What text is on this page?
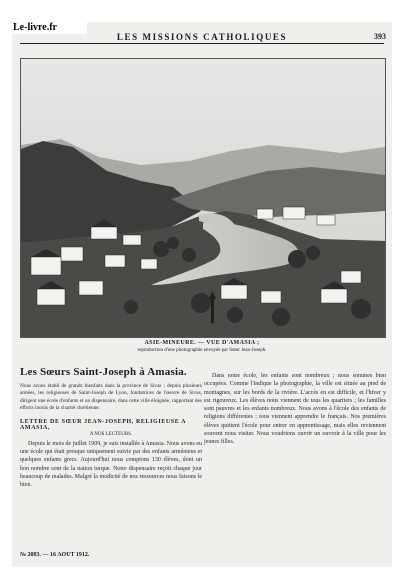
Le-livre.fr
LES MISSIONS CATHOLIQUES	393
ASIE-MINEURE. — VUE D'AMASIA ;
reproduction d'une photographie envoyée par Sœur Jean-Joseph.
Les Sœurs Saint-Joseph à Amasia.

Nous avons établi de grands bienfaits dans la province de Sivas ; depuis plusieurs années, les religieuses de Saint-Joseph de Lyon, fondatrices de l'œuvre de Sivas, dirigent une école d'enfants et un dispensaire, dans cette ville éloignée, rapportant des efforts inouïs de la charité chrétienne.

LETTRE DE SŒUR JEAN-JOSEPH, RELIGIEUSE A AMASIA,
A NOS LECTEURS.

Depuis le mois de juillet 1909, je suis installée à Amasia. Nous avons eu une école qui était presque uniquement suivie par des enfants arméniens et quelques enfants grecs. Aujourd'hui nous comptons 130 élèves, dont un bon nombre sont de la nation turque. Notre dispensaire reçoit chaque jour beaucoup de malades. Malgré la modicité de nos ressources nous faisons le bien.

Dans notre école, les enfants sont nombreux ; nous sommes bien occupées. Comme l'indique la photographie, la ville est située au pied de montagnes, sur les bords de la rivière. L'accès en est difficile, et l'hiver y est rigoureux. Les élèves nous viennent de tous les quartiers ; les familles sont pauvres et les enfants nombreux. Nous avons à l'école des enfants de religions différentes ; tous viennent apprendre le français. Nos premières élèves quittent l'école pour entrer en apprentissage, mais elles reviennent souvent nous visiter. Nous voudrions ouvrir un ouvroir à la ville pour les jeunes filles.

№ 2083. — 16 AOUT 1912.
